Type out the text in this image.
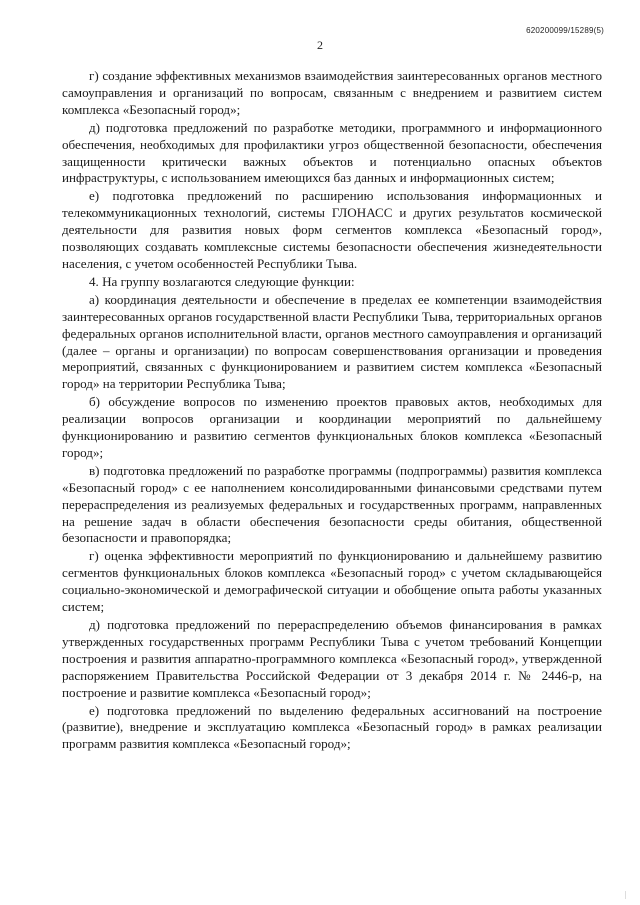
620200099/15289(5)
2

г) создание эффективных механизмов взаимодействия заинтересованных органов местного самоуправления и организаций по вопросам, связанным с внедрением и развитием систем комплекса «Безопасный город»;

д) подготовка предложений по разработке методики, программного и информационного обеспечения, необходимых для профилактики угроз общественной безопасности, обеспечения защищенности критически важных объектов и потенциально опасных объектов инфраструктуры, с использованием имеющихся баз данных и информационных систем;

е) подготовка предложений по расширению использования информационных и телекоммуникационных технологий, системы ГЛОНАСС и других результатов космической деятельности для развития новых форм сегментов комплекса «Безопасный город», позволяющих создавать комплексные системы безопасности обеспечения жизнедеятельности населения, с учетом особенностей Республики Тыва.

4. На группу возлагаются следующие функции:

а) координация деятельности и обеспечение в пределах ее компетенции взаимодействия заинтересованных органов государственной власти Республики Тыва, территориальных органов федеральных органов исполнительной власти, органов местного самоуправления и организаций (далее – органы и организации) по вопросам совершенствования организации и проведения мероприятий, связанных с функционированием и развитием систем комплекса «Безопасный город» на территории Республика Тыва;

б) обсуждение вопросов по изменению проектов правовых актов, необходимых для реализации вопросов организации и координации мероприятий по дальнейшему функционированию и развитию сегментов функциональных блоков комплекса «Безопасный город»;

в) подготовка предложений по разработке программы (подпрограммы) развития комплекса «Безопасный город» с ее наполнением консолидированными финансовыми средствами путем перераспределения из реализуемых федеральных и государственных программ, направленных на решение задач в области обеспечения безопасности среды обитания, общественной безопасности и правопорядка;

г) оценка эффективности мероприятий по функционированию и дальнейшему развитию сегментов функциональных блоков комплекса «Безопасный город» с учетом складывающейся социально-экономической и демографической ситуации и обобщение опыта работы указанных систем;

д) подготовка предложений по перераспределению объемов финансирования в рамках утвержденных государственных программ Республики Тыва с учетом требований Концепции построения и развития аппаратно-программного комплекса «Безопасный город», утвержденной распоряжением Правительства Российской Федерации от 3 декабря 2014 г. № 2446-р, на построение и развитие комплекса «Безопасный город»;

е) подготовка предложений по выделению федеральных ассигнований на построение (развитие), внедрение и эксплуатацию комплекса «Безопасный город» в рамках реализации программ развития комплекса «Безопасный город»;
